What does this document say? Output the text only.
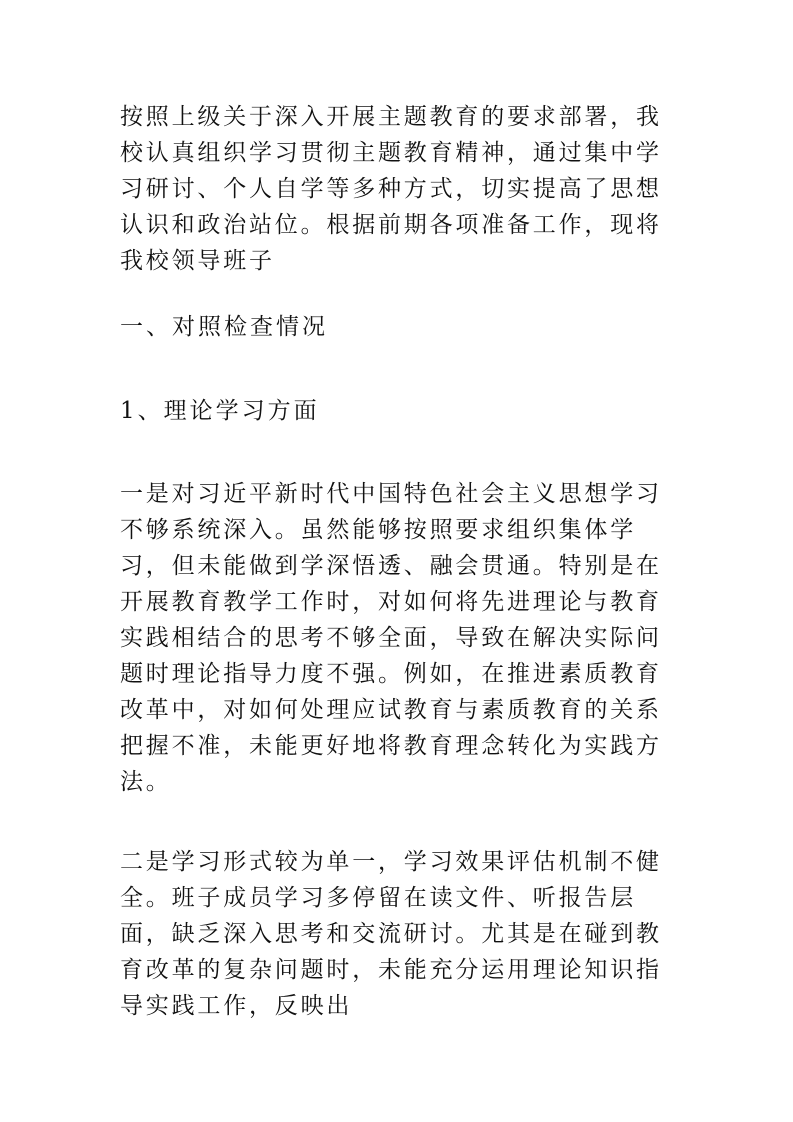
按照上级关于深入开展主题教育的要求部署，我校认真组织学习贯彻主题教育精神，通过集中学习研讨、个人自学等多种方式，切实提高了思想认识和政治站位。根据前期各项准备工作，现将我校领导班子
一、对照检查情况
1、理论学习方面
一是对习近平新时代中国特色社会主义思想学习不够系统深入。虽然能够按照要求组织集体学习，但未能做到学深悟透、融会贯通。特别是在开展教育教学工作时，对如何将先进理论与教育实践相结合的思考不够全面，导致在解决实际问题时理论指导力度不强。例如，在推进素质教育改革中，对如何处理应试教育与素质教育的关系把握不准，未能更好地将教育理念转化为实践方法。
二是学习形式较为单一，学习效果评估机制不健全。班子成员学习多停留在读文件、听报告层面，缺乏深入思考和交流研讨。尤其是在碰到教育改革的复杂问题时，未能充分运用理论知识指导实践工作，反映出
